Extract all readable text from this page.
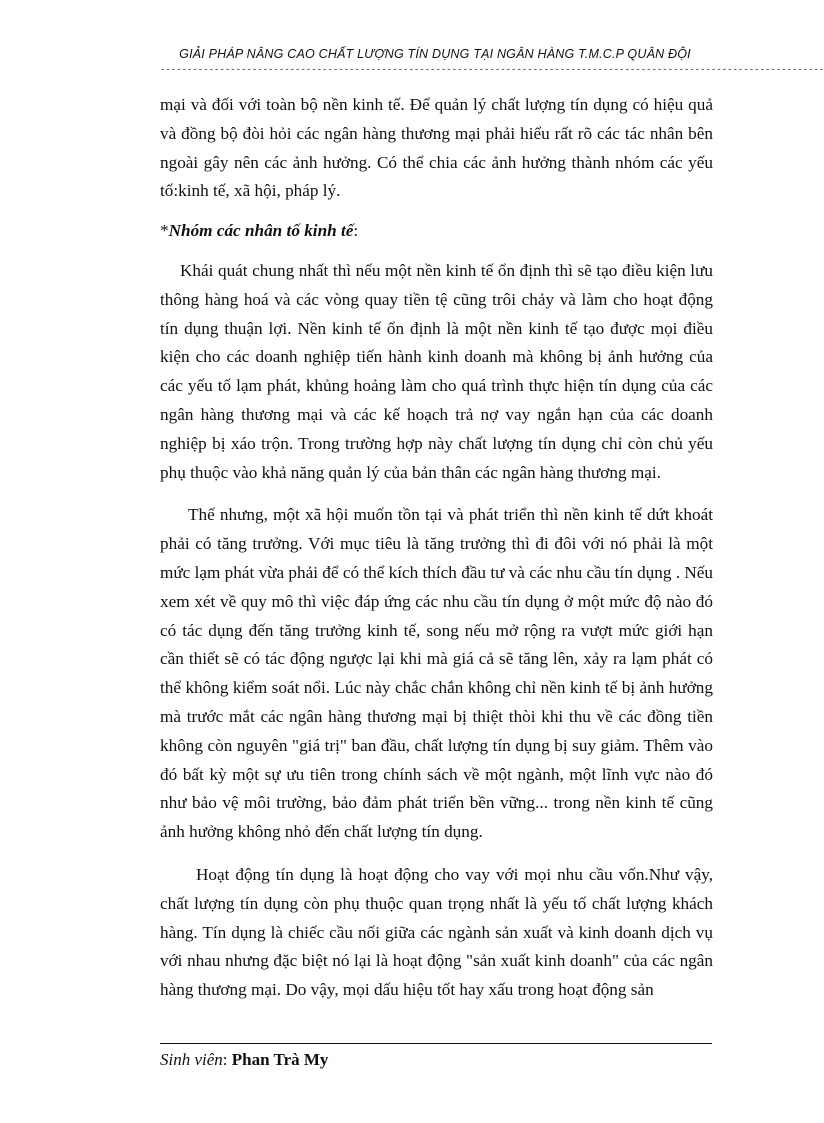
GIẢI PHÁP NÂNG CAO CHẤT LƯỢNG TÍN DỤNG TẠI NGÂN HÀNG T.M.C.P QUÂN ĐỘI
---------------------------------------------------------------------------------------------------------------------------

mại và đối với toàn bộ nền kinh tế. Để quản lý chất lượng tín dụng có hiệu quả và đồng bộ đòi hỏi các ngân hàng thương mại phải hiểu rất rõ các tác nhân bên ngoài gây nên các ảnh hưởng. Có thể chia các ảnh hưởng thành nhóm các yếu tố:kinh tế, xã hội, pháp lý.

*Nhóm các nhân tố kinh tế:

Khái quát chung nhất thì nếu một nền kinh tế ổn định thì sẽ tạo điều kiện lưu thông hàng hoá và các vòng quay tiền tệ cũng trôi chảy và làm cho hoạt động tín dụng thuận lợi. Nền kinh tế ổn định là một nền kinh tế tạo được mọi điều kiện cho các doanh nghiệp tiến hành kinh doanh mà không bị ảnh hưởng của các yếu tố lạm phát, khủng hoảng làm cho quá trình thực hiện tín dụng của các ngân hàng thương mại và các kế hoạch trả nợ vay ngắn hạn của các doanh nghiệp bị xáo trộn. Trong trường hợp này chất lượng tín dụng chỉ còn chủ yếu phụ thuộc vào khả năng quản lý của bản thân các ngân hàng thương mại.

Thế nhưng, một xã hội muốn tồn tại và phát triển thì nền kinh tế dứt khoát phải có tăng trưởng. Với mục tiêu là tăng trưởng thì đi đôi với nó phải là một mức lạm phát vừa phải để có thể kích thích đầu tư và các nhu cầu tín dụng . Nếu xem xét về quy mô thì việc đáp ứng các nhu cầu tín dụng ở một mức độ nào đó có tác dụng đến tăng trưởng kinh tế, song nếu mở rộng ra vượt mức giới hạn cần thiết sẽ có tác động ngược lại khi mà giá cả sẽ tăng lên, xảy ra lạm phát có thể không kiểm soát nổi. Lúc này chắc chắn không chỉ nền kinh tế bị ảnh hưởng mà trước mắt các ngân hàng thương mại bị thiệt thòi khi thu về các đồng tiền không còn nguyên "giá trị" ban đầu, chất lượng tín dụng bị suy giảm. Thêm vào đó bất kỳ một sự ưu tiên trong chính sách về một ngành, một lĩnh vực nào đó như bảo vệ môi trường, bảo đảm phát triển bền vững... trong nền kinh tế cũng ảnh hưởng không nhỏ đến chất lượng tín dụng.

Hoạt động tín dụng là hoạt động cho vay với mọi nhu cầu vốn.Như vậy, chất lượng tín dụng còn phụ thuộc quan trọng nhất là yếu tố chất lượng khách hàng. Tín dụng là chiếc cầu nối giữa các ngành sản xuất và kinh doanh dịch vụ với nhau nhưng đặc biệt nó lại là hoạt động "sản xuất kinh doanh" của các ngân hàng thương mại. Do vậy, mọi dấu hiệu tốt hay xấu trong hoạt động sản

Sinh viên: Phan Trà My
